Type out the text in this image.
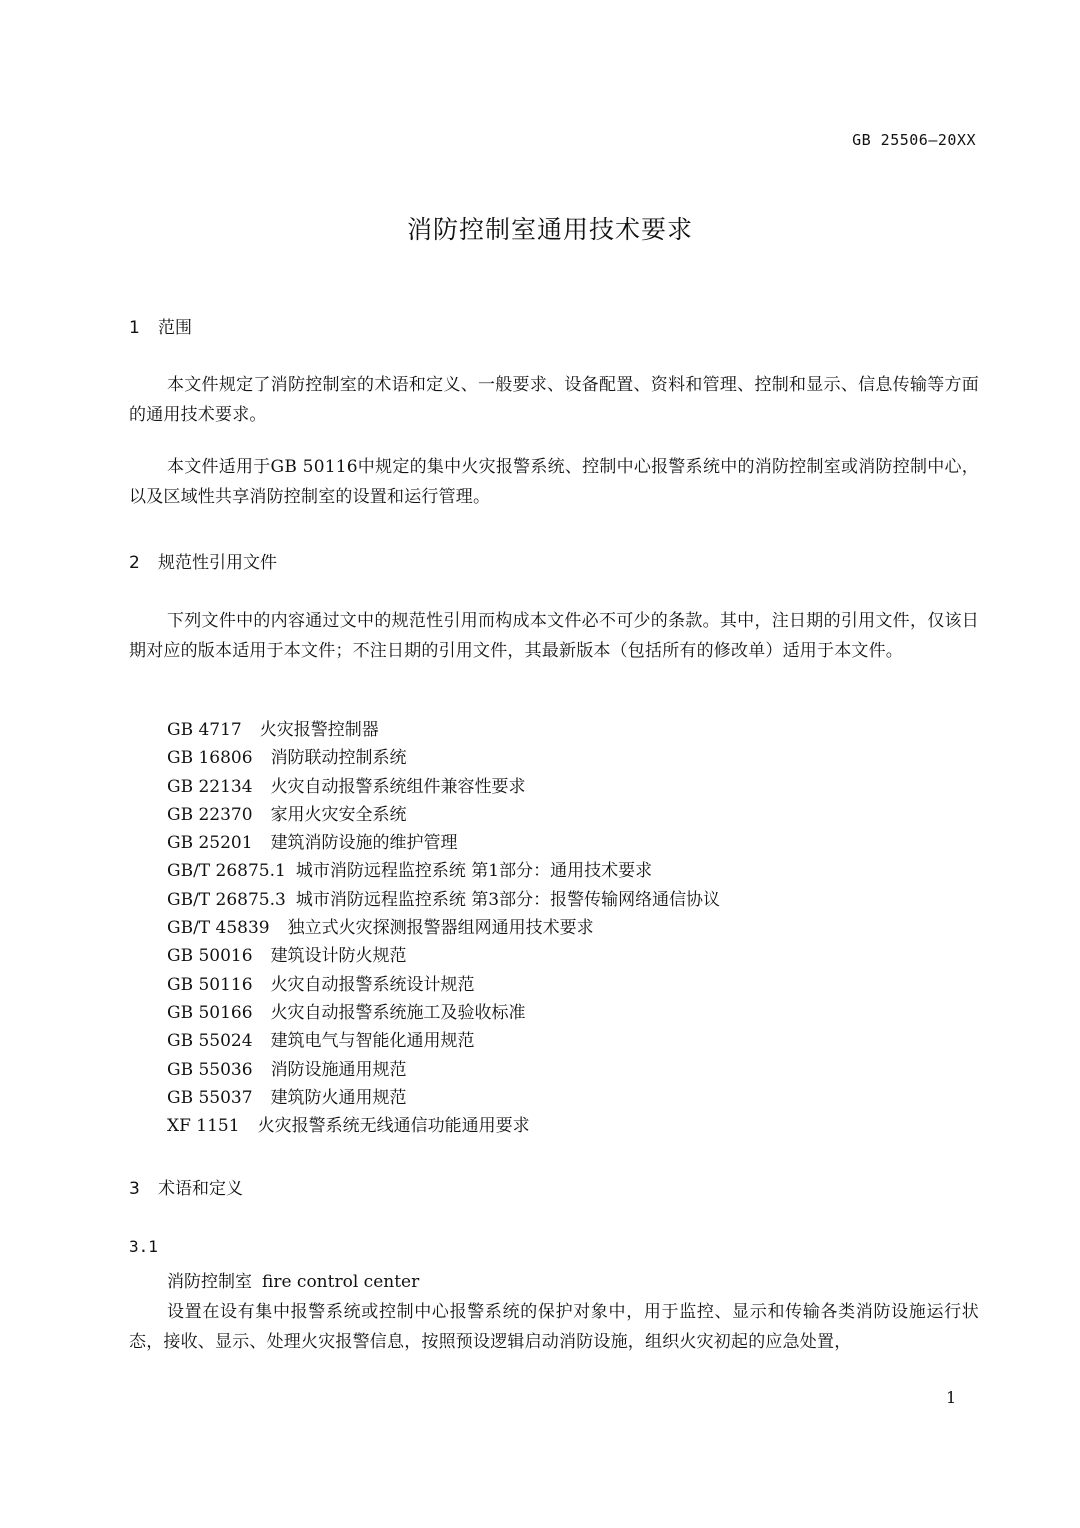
GB 25506—20XX
消防控制室通用技术要求
1 范围
本文件规定了消防控制室的术语和定义、一般要求、设备配置、资料和管理、控制和显示、信息传输等方面的通用技术要求。
本文件适用于GB 50116中规定的集中火灾报警系统、控制中心报警系统中的消防控制室或消防控制中心，以及区域性共享消防控制室的设置和运行管理。
2 规范性引用文件
下列文件中的内容通过文中的规范性引用而构成本文件必不可少的条款。其中，注日期的引用文件，仅该日期对应的版本适用于本文件；不注日期的引用文件，其最新版本（包括所有的修改单）适用于本文件。
GB 4717 火灾报警控制器
GB 16806 消防联动控制系统
GB 22134 火灾自动报警系统组件兼容性要求
GB 22370 家用火灾安全系统
GB 25201 建筑消防设施的维护管理
GB/T 26875.1 城市消防远程监控系统 第1部分：通用技术要求
GB/T 26875.3 城市消防远程监控系统 第3部分：报警传输网络通信协议
GB/T 45839 独立式火灾探测报警器组网通用技术要求
GB 50016 建筑设计防火规范
GB 50116 火灾自动报警系统设计规范
GB 50166 火灾自动报警系统施工及验收标准
GB 55024 建筑电气与智能化通用规范
GB 55036 消防设施通用规范
GB 55037 建筑防火通用规范
XF 1151 火灾报警系统无线通信功能通用要求
3 术语和定义
3.1
消防控制室 fire control center
设置在设有集中报警系统或控制中心报警系统的保护对象中，用于监控、显示和传输各类消防设施运行状态，接收、显示、处理火灾报警信息，按照预设逻辑启动消防设施，组织火灾初起的应急处置，
1
